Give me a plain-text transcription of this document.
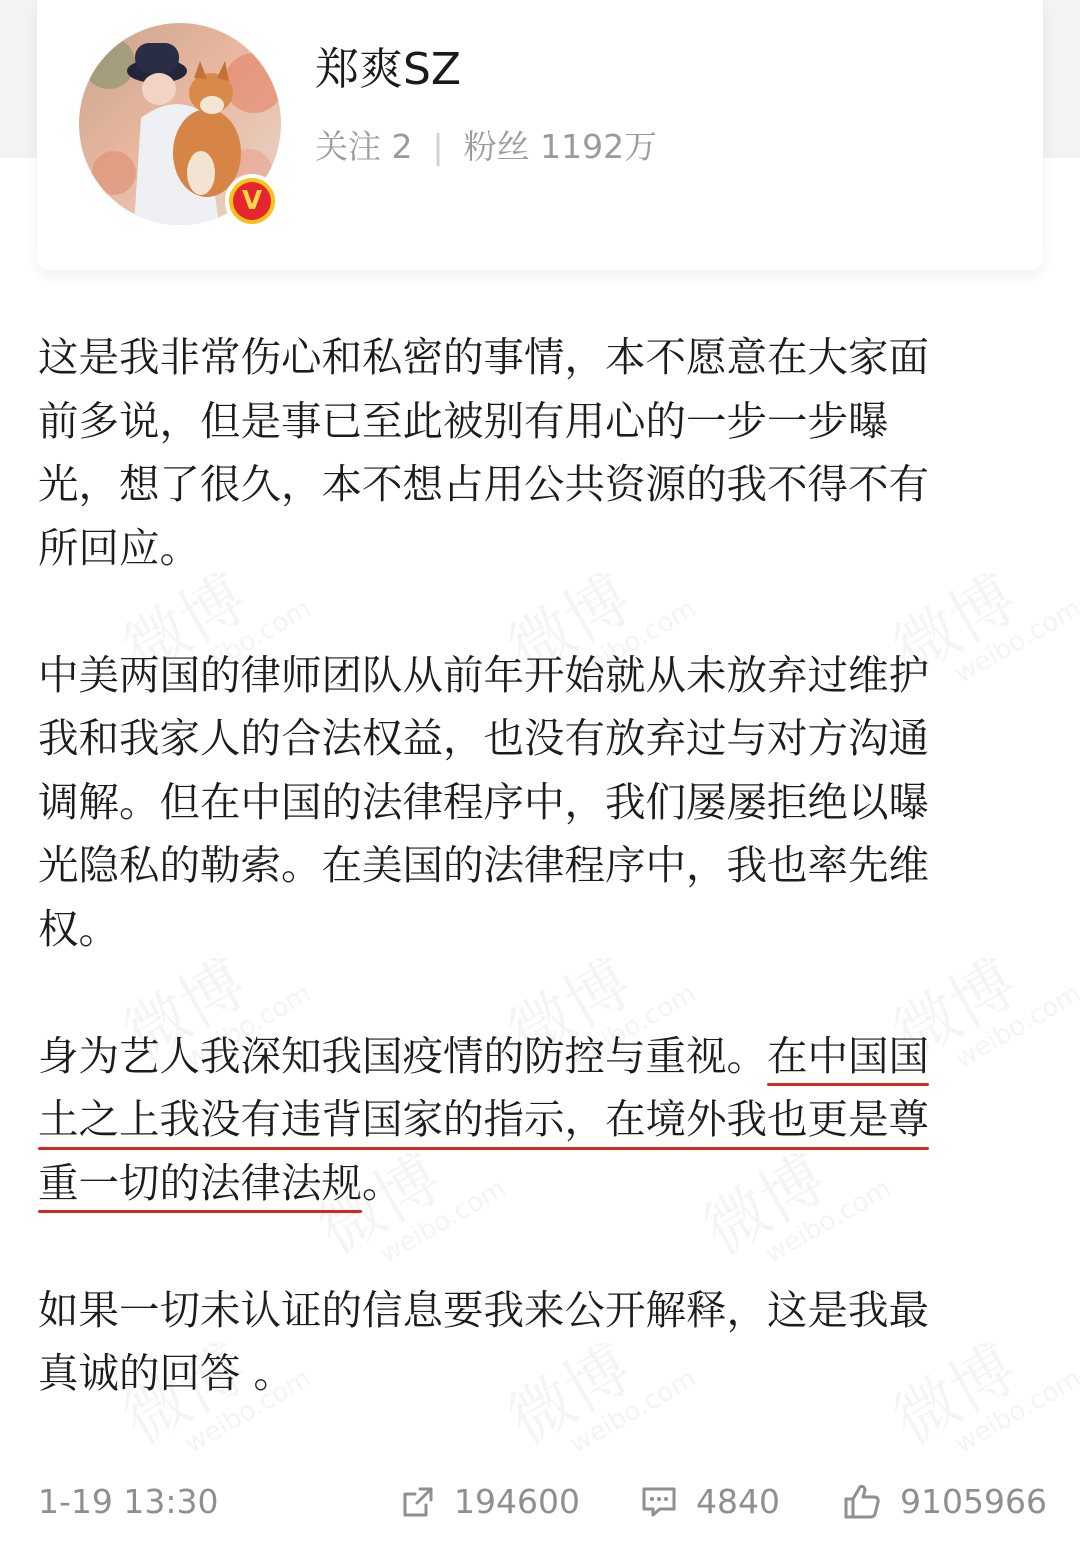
V
郑爽SZ
关注 2 | 粉丝 1192万

这是我非常伤心和私密的事情，本不愿意在大家面
前多说，但是事已至此被别有用心的一步一步曝
光，想了很久，本不想占用公共资源的我不得不有
所回应。

中美两国的律师团队从前年开始就从未放弃过维护
我和我家人的合法权益，也没有放弃过与对方沟通
调解。但在中国的法律程序中，我们屡屡拒绝以曝
光隐私的勒索。在美国的法律程序中，我也率先维
权。

身为艺人我深知我国疫情的防控与重视。在中国国
土之上我没有违背国家的指示，在境外我也更是尊
重一切的法律法规。

如果一切未认证的信息要我来公开解释，这是我最
真诚的回答 。

1-19 13:30	194600	4840	9105966
